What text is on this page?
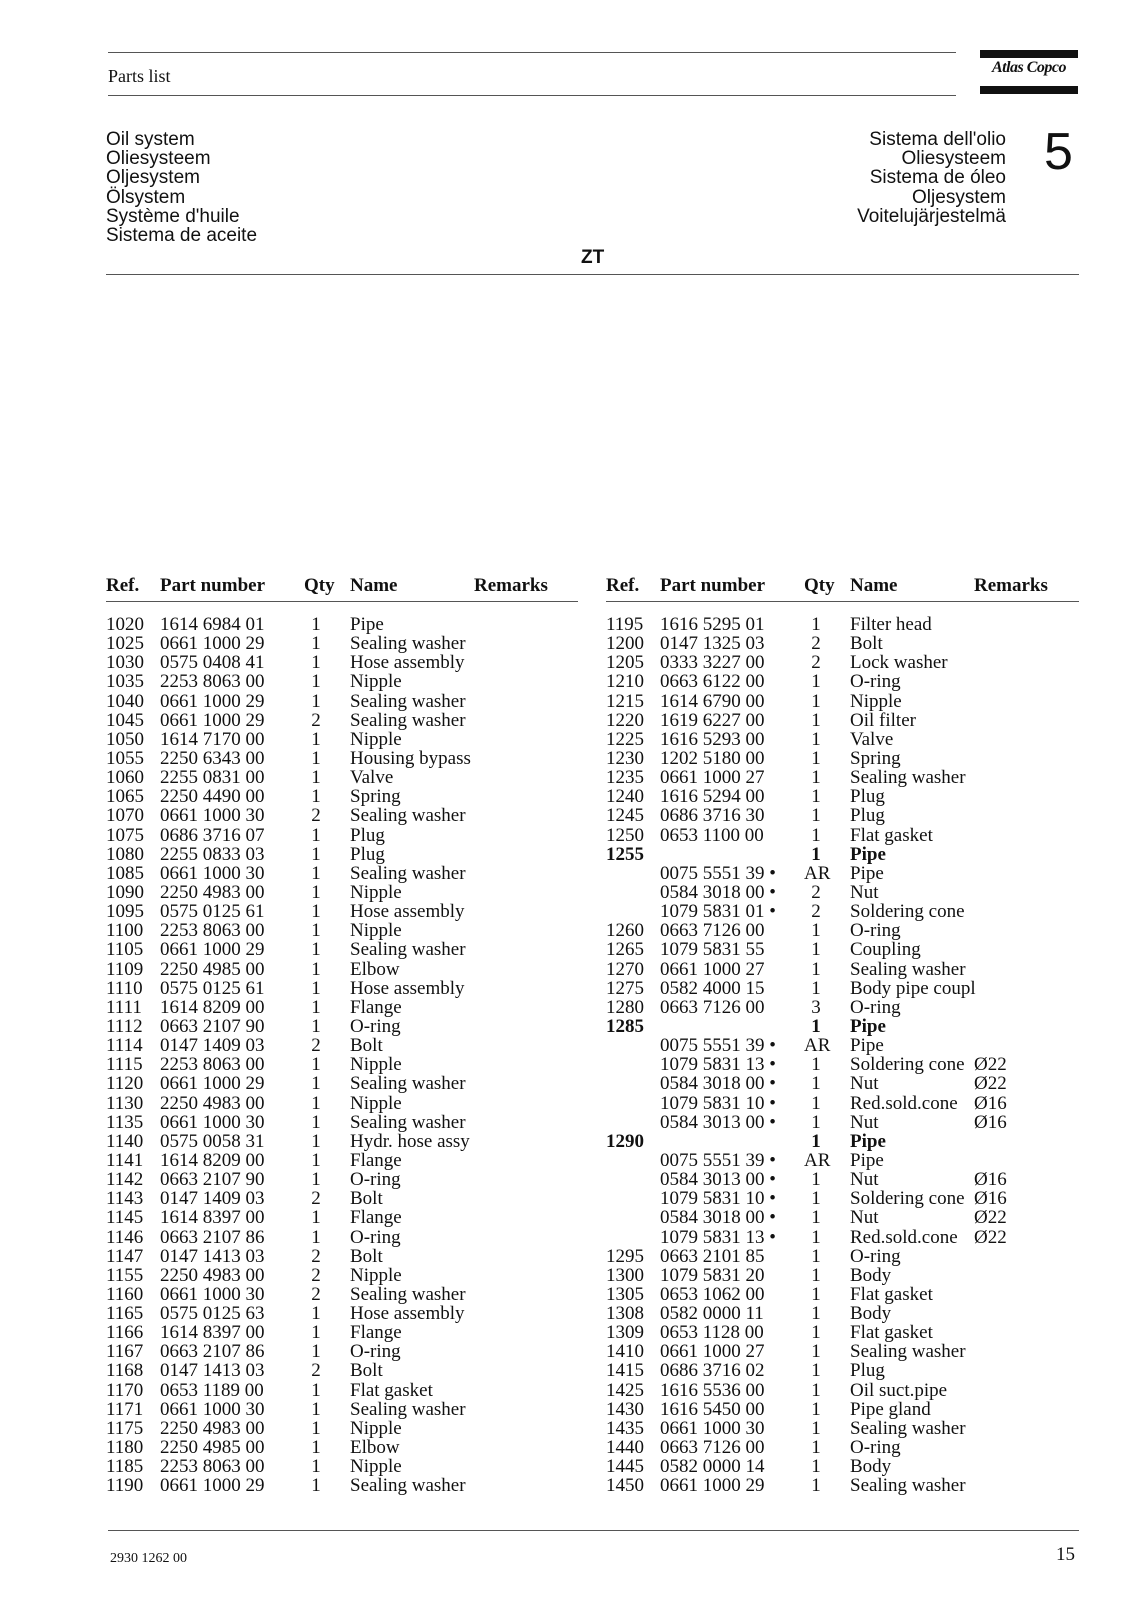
Parts list	Atlas Copco
Oil system
Oliesysteem
Oljesystem
Ölsystem
Système d'huile
Sistema de aceite
Sistema dell'olio
Oliesysteem
Sistema de óleo
Oljesystem
Voitelujärjestelmä
5
ZT
Ref. Part number Qty Name	Remarks
1020 1614 6984 01	1	Pipe
1025 0661 1000 29	1	Sealing washer
1030 0575 0408 41	1	Hose assembly
1035 2253 8063 00	1	Nipple
1040 0661 1000 29	1	Sealing washer
1045 0661 1000 29	2	Sealing washer
1050 1614 7170 00	1	Nipple
1055 2250 6343 00	1	Housing bypass
1060 2255 0831 00	1	Valve
1065 2250 4490 00	1	Spring
1070 0661 1000 30	2	Sealing washer
1075 0686 3716 07	1	Plug
1080 2255 0833 03	1	Plug
1085 0661 1000 30	1	Sealing washer
1090 2250 4983 00	1	Nipple
1095 0575 0125 61	1	Hose assembly
1100 2253 8063 00	1	Nipple
1105 0661 1000 29	1	Sealing washer
1109 2250 4985 00	1	Elbow
1110 0575 0125 61	1	Hose assembly
1111 1614 8209 00	1	Flange
1112 0663 2107 90	1	O-ring
1114 0147 1409 03	2	Bolt
1115 2253 8063 00	1	Nipple
1120 0661 1000 29	1	Sealing washer
1130 2250 4983 00	1	Nipple
1135 0661 1000 30	1	Sealing washer
1140 0575 0058 31	1	Hydr. hose assy
1141 1614 8209 00	1	Flange
1142 0663 2107 90	1	O-ring
1143 0147 1409 03	2	Bolt
1145 1614 8397 00	1	Flange
1146 0663 2107 86	1	O-ring
1147 0147 1413 03	2	Bolt
1155 2250 4983 00	2	Nipple
1160 0661 1000 30	2	Sealing washer
1165 0575 0125 63	1	Hose assembly
1166 1614 8397 00	1	Flange
1167 0663 2107 86	1	O-ring
1168 0147 1413 03	2	Bolt
1170 0653 1189 00	1	Flat gasket
1171 0661 1000 30	1	Sealing washer
1175 2250 4983 00	1	Nipple
1180 2250 4985 00	1	Elbow
1185 2253 8063 00	1	Nipple
1190 0661 1000 29	1	Sealing washer
Ref. Part number Qty Name	Remarks
1195 1616 5295 01	1	Filter head
1200 0147 1325 03	2	Bolt
1205 0333 3227 00	2	Lock washer
1210 0663 6122 00	1	O-ring
1215 1614 6790 00	1	Nipple
1220 1619 6227 00	1	Oil filter
1225 1616 5293 00	1	Valve
1230 1202 5180 00	1	Spring
1235 0661 1000 27	1	Sealing washer
1240 1616 5294 00	1	Plug
1245 0686 3716 30	1	Plug
1250 0653 1100 00	1	Flat gasket
1255	1	Pipe
0075 5551 39 • AR Pipe
0584 3018 00 •	2	Nut
1079 5831 01 •	2	Soldering cone
1260 0663 7126 00	1	O-ring
1265 1079 5831 55	1	Coupling
1270 0661 1000 27	1	Sealing washer
1275 0582 4000 15	1	Body pipe coupl
1280 0663 7126 00	3	O-ring
1285	1	Pipe
0075 5551 39 • AR Pipe
1079 5831 13 •	1	Soldering cone Ø22
0584 3018 00 •	1	Nut	Ø22
1079 5831 10 •	1	Red.sold.cone Ø16
0584 3013 00 •	1	Nut	Ø16
1290	1	Pipe
0075 5551 39 • AR Pipe
0584 3013 00 •	1	Nut	Ø16
1079 5831 10 •	1	Soldering cone Ø16
0584 3018 00 •	1	Nut	Ø22
1079 5831 13 •	1	Red.sold.cone Ø22
1295 0663 2101 85	1	O-ring
1300 1079 5831 20	1	Body
1305 0653 1062 00	1	Flat gasket
1308 0582 0000 11	1	Body
1309 0653 1128 00	1	Flat gasket
1410 0661 1000 27	1	Sealing washer
1415 0686 3716 02	1	Plug
1425 1616 5536 00	1	Oil suct.pipe
1430 1616 5450 00	1	Pipe gland
1435 0661 1000 30	1	Sealing washer
1440 0663 7126 00	1	O-ring
1445 0582 0000 14	1	Body
1450 0661 1000 29	1	Sealing washer
2930 1262 00	15
